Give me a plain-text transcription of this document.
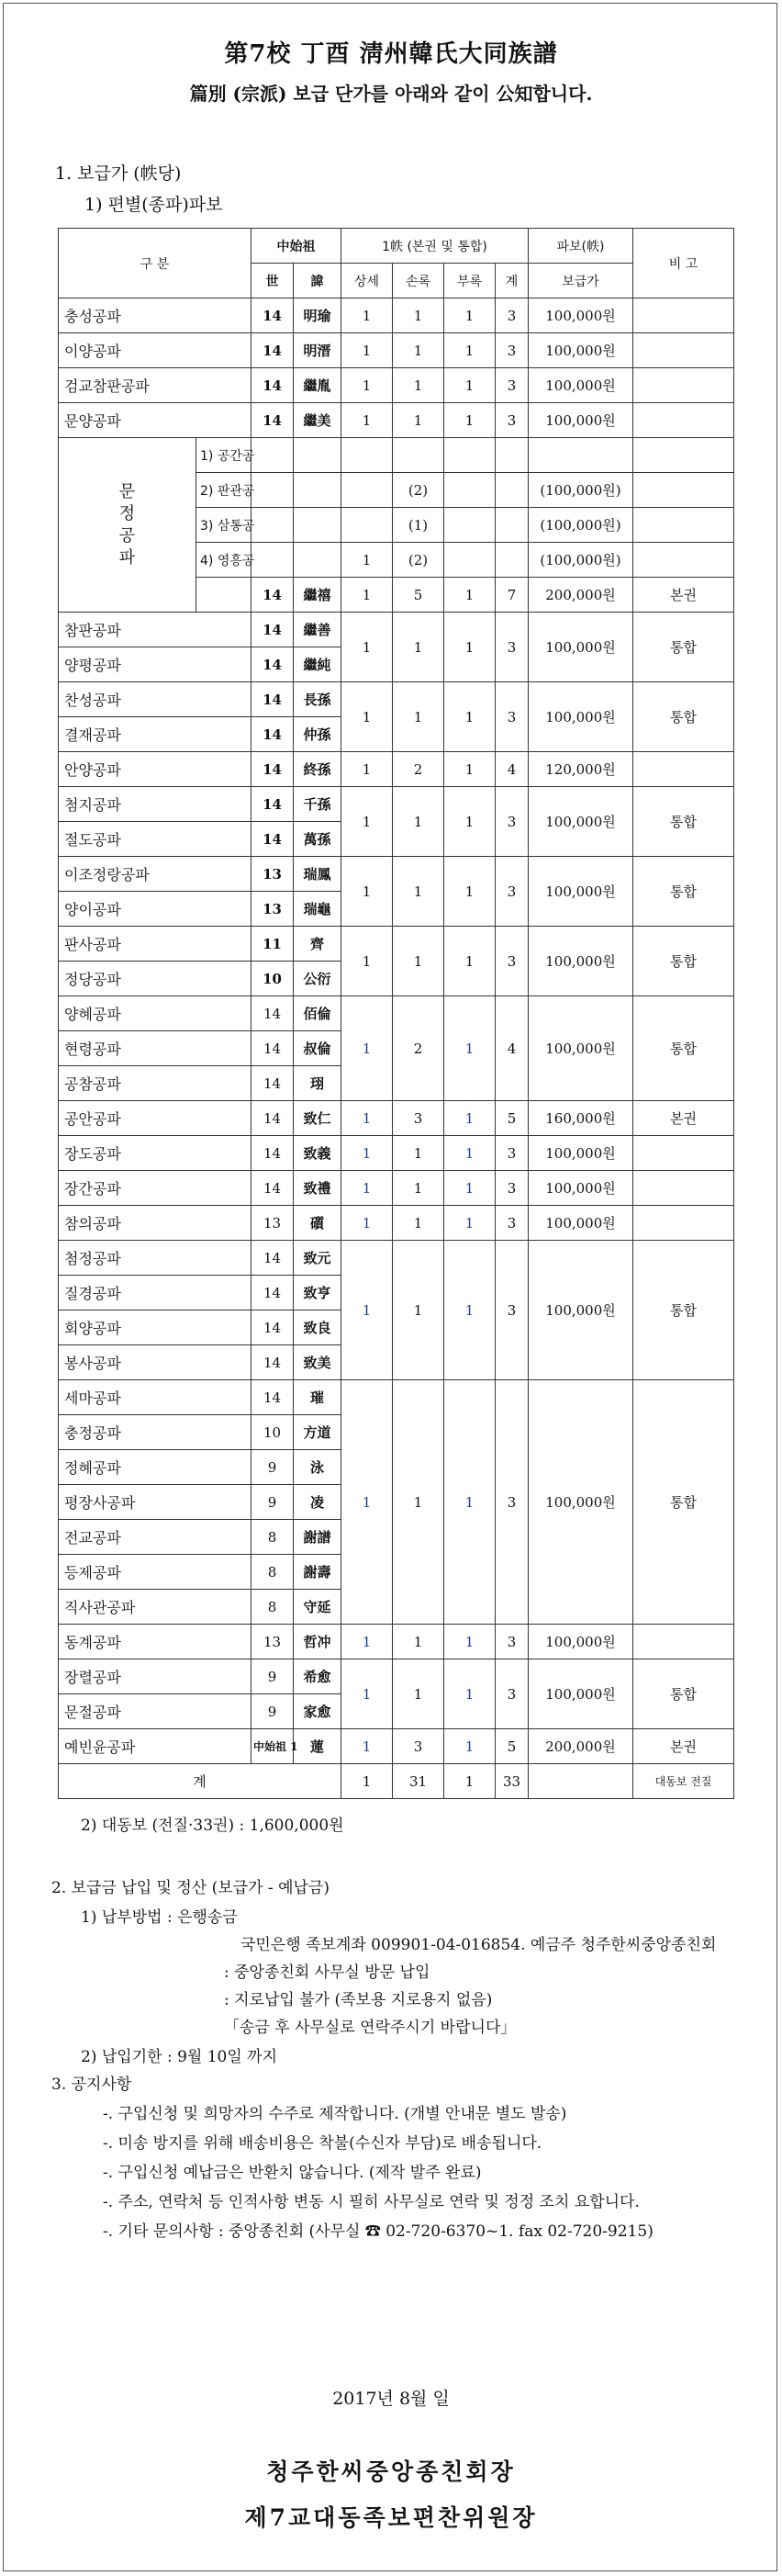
第7校 丁酉 淸州韓氏大同族譜
篇別 (宗派) 보급 단가를 아래와 같이 公知합니다.
1. 보급가 (帙당)
1) 편별(종파)파보
구 분		中始祖		1帙 (본권 및 통합)				파보(帙)	비 고
		世	諱	상세	손록	부록	계	보급가	
충성공파		14	明瑜	1	1	1	3	100,000원	
이양공파		14	明溍	1	1	1	3	100,000원	
검교참판공파		14	繼胤	1	1	1	3	100,000원	
문양공파		14	繼美	1	1	1	3	100,000원	

문
정
공
파	1) 공간공								
	2) 판관공				(2)			(100,000원)	
	3) 삼통공				(1)			(100,000원)	
	4) 영흥공			1	(2)			(100,000원)	
		14	繼禧	1	5	1	7	200,000원	본권
참판공파		14	繼善	1	1	1	3	100,000원	통합
양평공파		14	繼純						
찬성공파		14	長孫	1	1	1	3	100,000원	통합
결재공파		14	仲孫						
안양공파		14	終孫	1	2	1	4	120,000원	
첨지공파		14	千孫	1	1	1	3	100,000원	통합
절도공파		14	萬孫						
이조정랑공파		13	瑞鳳	1	1	1	3	100,000원	통합
양이공파		13	瑞龜						
판사공파		11	齊	1	1	1	3	100,000원	통합
정당공파		10	公衍						
양혜공파		14	佰倫	1	2	1	4	100,000원	통합
현령공파		14	叔倫						
공참공파		14	珝						
공안공파		14	致仁	1	3	1	5	160,000원	본권
장도공파		14	致義	1	1	1	3	100,000원	
장간공파		14	致禮	1	1	1	3	100,000원	
참의공파		13	礩	1	1	1	3	100,000원	
첨정공파		14	致元	1	1	1	3	100,000원	통합
질경공파		14	致亨						
회양공파		14	致良						
봉사공파		14	致美						
세마공파		14	璀	1	1	1	3	100,000원	통합
충정공파		10	方道						
정혜공파		9	泳						
평장사공파		9	凌						
전교공파		8	謝譜						
등제공파		8	謝壽						
직사관공파		8	守延						
동계공파		13	哲冲	1	1	1	3	100,000원	
장렬공파		9	希愈	1	1	1	3	100,000원	통합
문절공파		9	家愈						
예빈윤공파		中始祖 1	蓮	1	3	1	5	200,000원	본권
계				1	31	1	33		대동보 전질
2) 대동보 (전질·33권) : 1,600,000원
2. 보급금 납입 및 정산 (보급가 - 예납금)
1) 납부방법 : 은행송금
국민은행 족보계좌 009901-04-016854. 예금주 청주한씨중앙종친회
: 중앙종친회 사무실 방문 납입
: 지로납입 불가 (족보용 지로용지 없음)
「송금 후 사무실로 연락주시기 바랍니다」
2) 납입기한 : 9월 10일 까지
3. 공지사항
-. 구입신청 및 희망자의 수주로 제작합니다. (개별 안내문 별도 발송)
-. 미송 방지를 위해 배송비용은 착불(수신자 부담)로 배송됩니다.
-. 구입신청 예납금은 반환치 않습니다. (제작 발주 완료)
-. 주소, 연락처 등 인적사항 변동 시 필히 사무실로 연락 및 정정 조치 요합니다.
-. 기타 문의사항 : 중앙종친회 (사무실 ☎ 02-720-6370~1. fax 02-720-9215)
2017년 8월 일
청주한씨중앙종친회장
제7교대동족보편찬위원장
